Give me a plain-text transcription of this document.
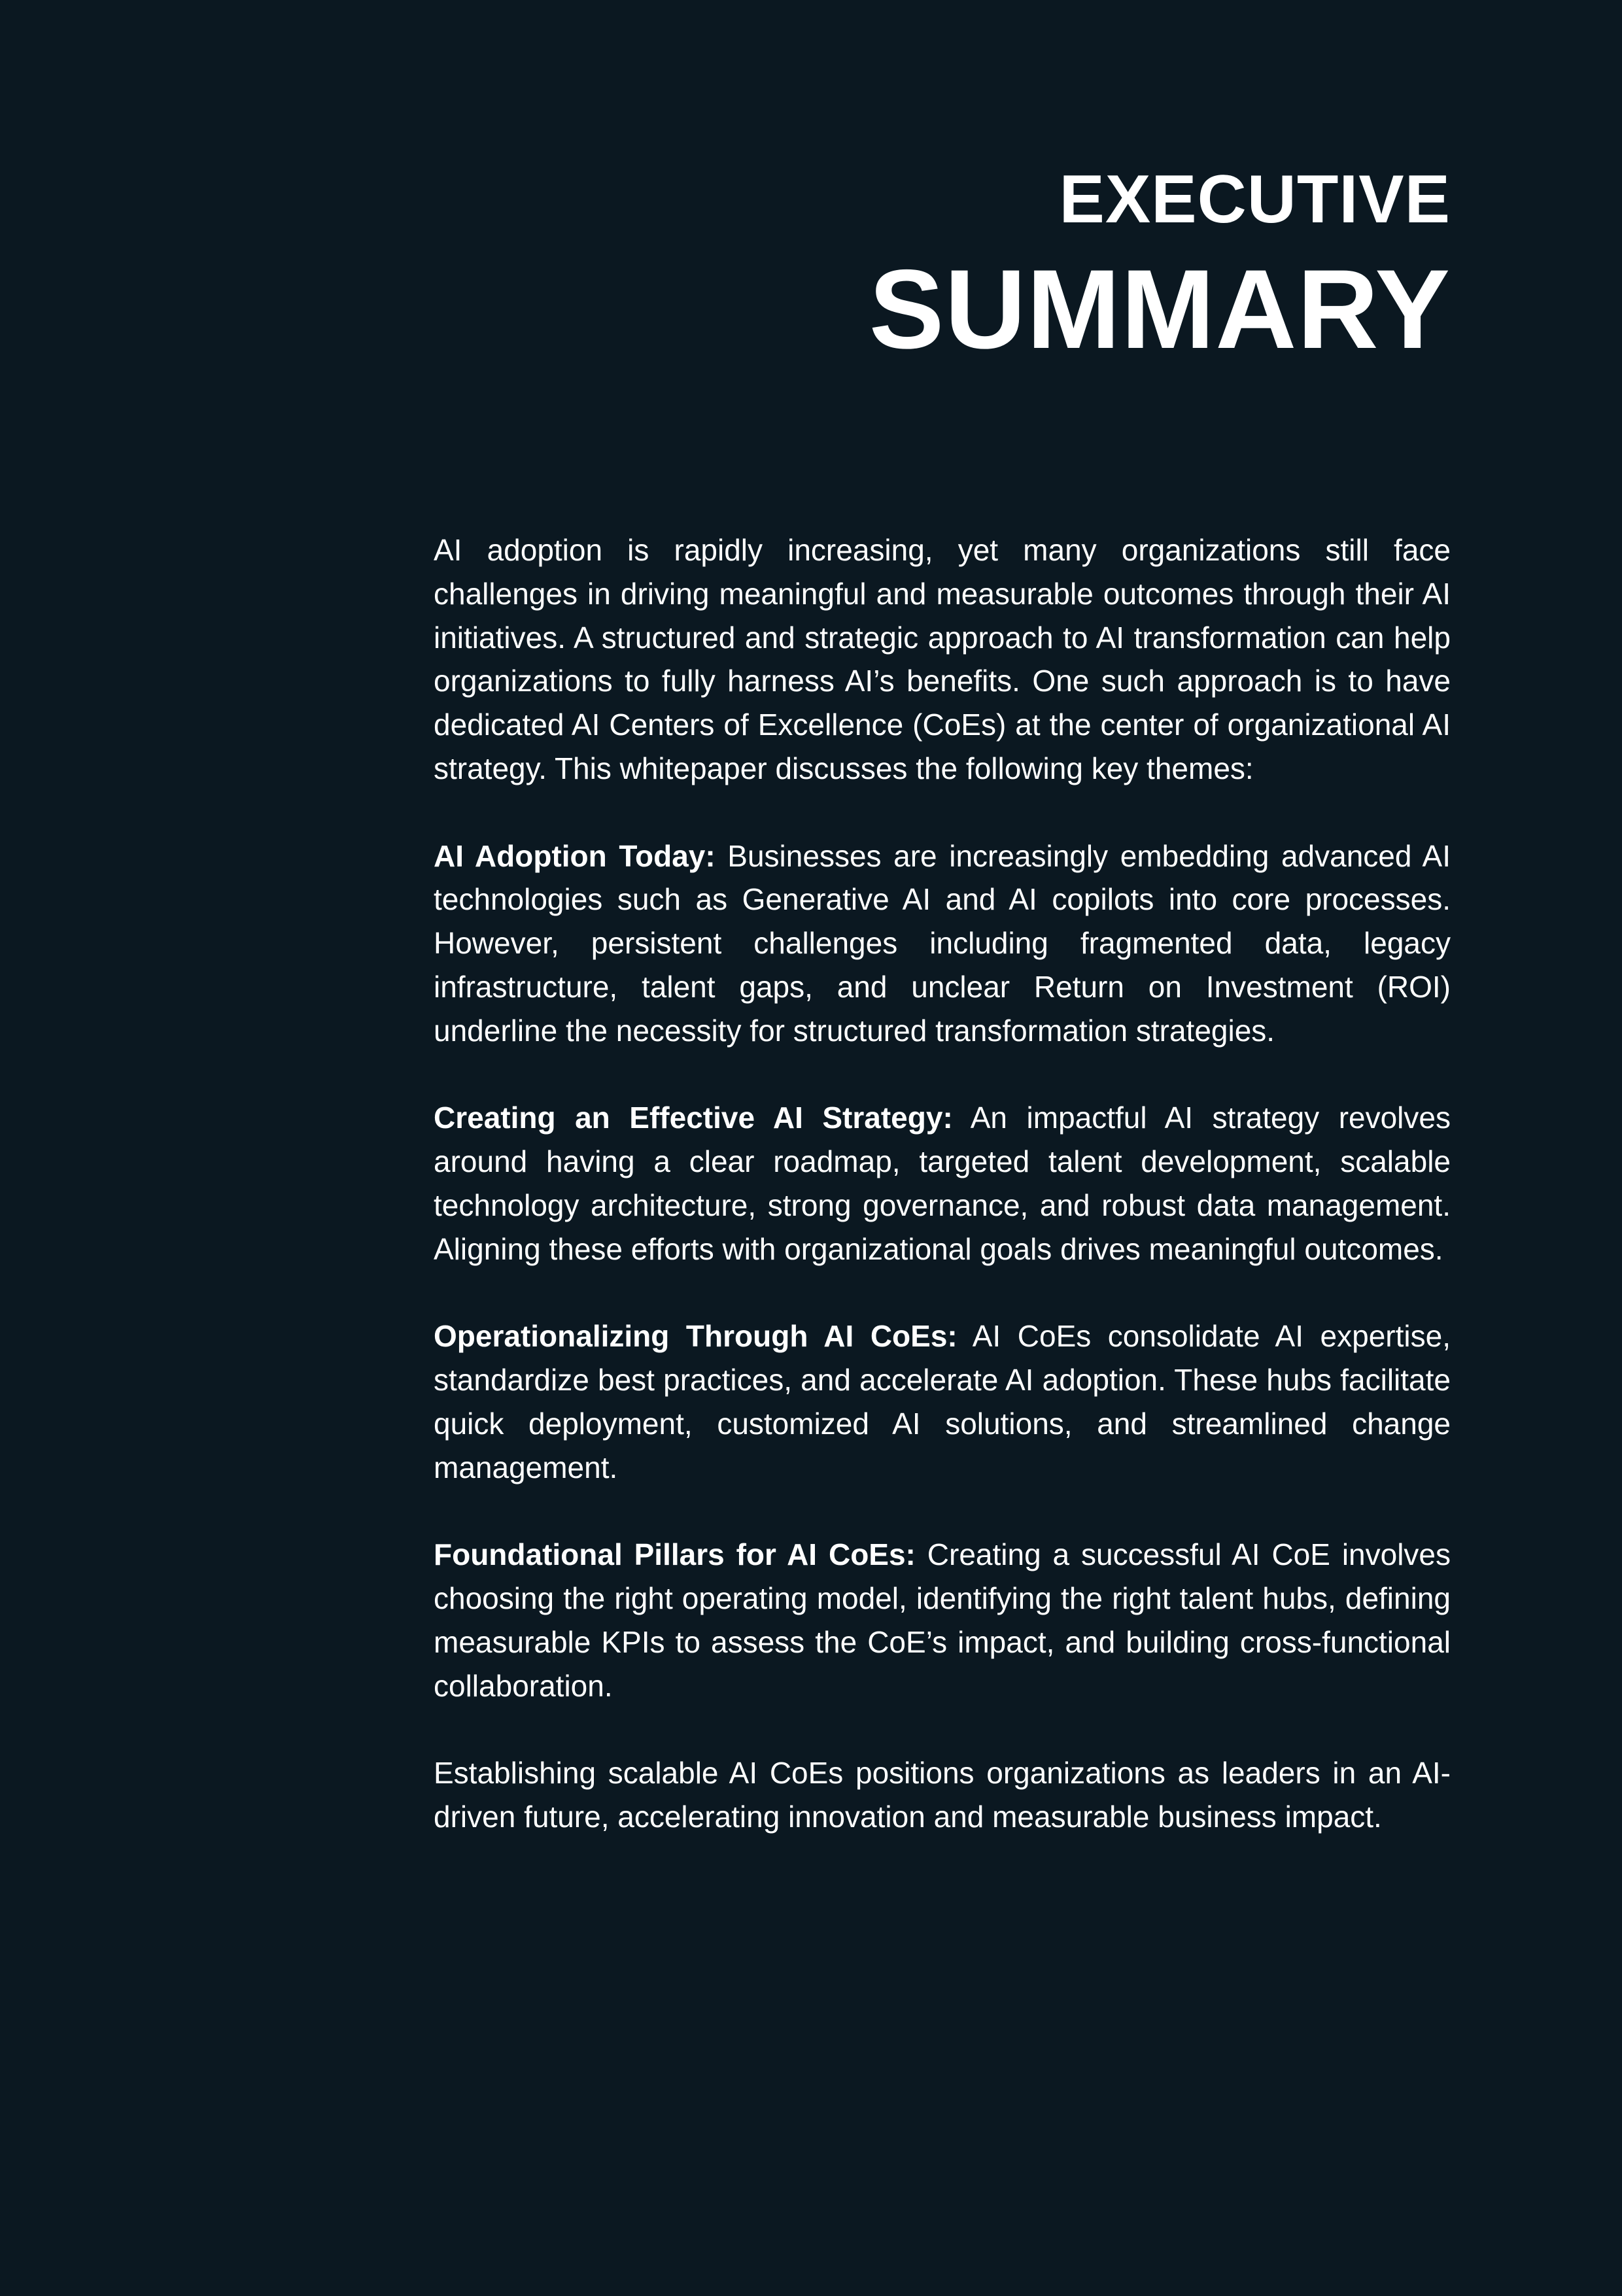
EXECUTIVE
SUMMARY

AI adoption is rapidly increasing, yet many organizations still face challenges in driving meaningful and measurable outcomes through their AI initiatives. A structured and strategic approach to AI transformation can help organizations to fully harness AI’s benefits. One such approach is to have dedicated AI Centers of Excellence (CoEs) at the center of organizational AI strategy. This whitepaper discusses the following key themes:

AI Adoption Today: Businesses are increasingly embedding advanced AI technologies such as Generative AI and AI copilots into core processes. However, persistent challenges including fragmented data, legacy infrastructure, talent gaps, and unclear Return on Investment (ROI) underline the necessity for structured transformation strategies.

Creating an Effective AI Strategy: An impactful AI strategy revolves around having a clear roadmap, targeted talent development, scalable technology architecture, strong governance, and robust data management. Aligning these efforts with organizational goals drives meaningful outcomes.

Operationalizing Through AI CoEs: AI CoEs consolidate AI expertise, standardize best practices, and accelerate AI adoption. These hubs facilitate quick deployment, customized AI solutions, and streamlined change management.

Foundational Pillars for AI CoEs: Creating a successful AI CoE involves choosing the right operating model, identifying the right talent hubs, defining measurable KPIs to assess the CoE’s impact, and building cross-functional collaboration.

Establishing scalable AI CoEs positions organizations as leaders in an AI-driven future, accelerating innovation and measurable business impact.
